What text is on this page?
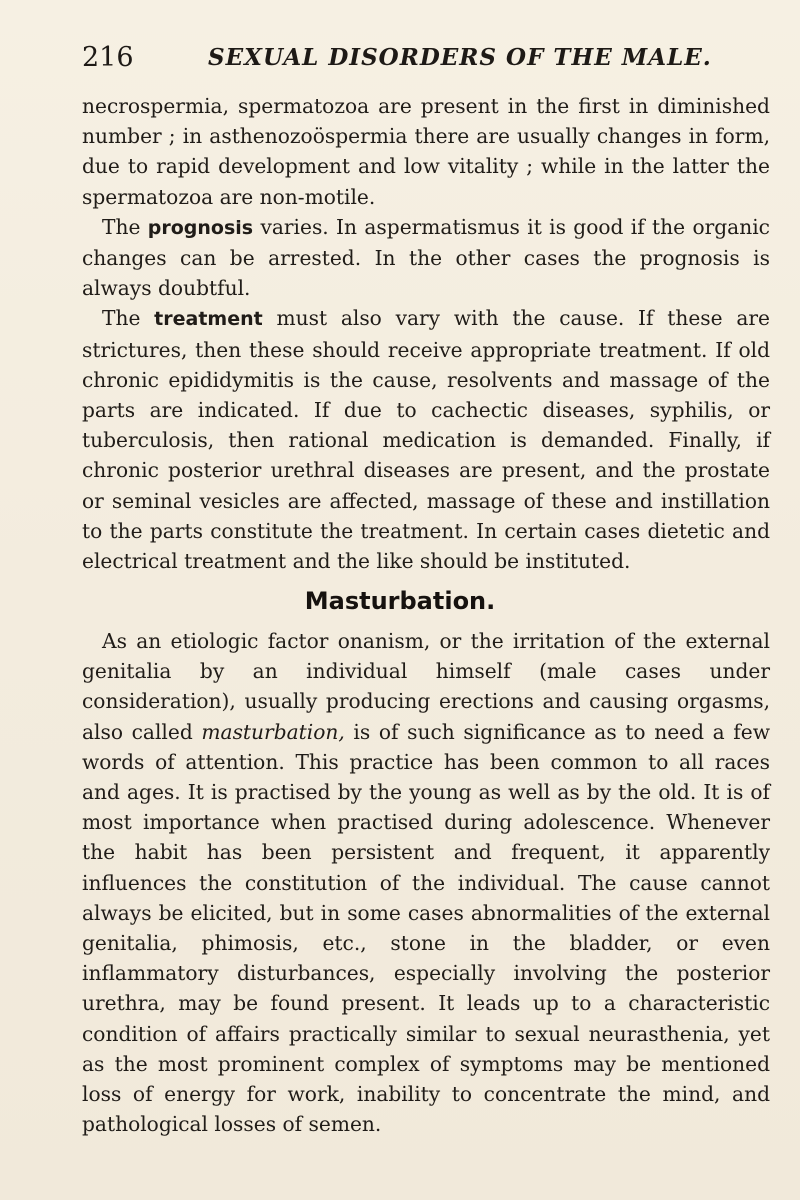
216	SEXUAL DISORDERS OF THE MALE.

necrospermia, spermatozoa are present in the first in diminished number ; in asthenozoöspermia there are usually changes in form, due to rapid development and low vitality ; while in the latter the spermatozoa are non-motile.

The prognosis varies. In aspermatismus it is good if the organic changes can be arrested. In the other cases the prognosis is always doubtful.

The treatment must also vary with the cause. If these are strictures, then these should receive appropriate treatment. If old chronic epididymitis is the cause, resolvents and massage of the parts are indicated. If due to cachectic diseases, syphilis, or tuberculosis, then rational medication is demanded. Finally, if chronic posterior urethral diseases are present, and the prostate or seminal vesicles are affected, massage of these and instillation to the parts constitute the treatment. In certain cases dietetic and electrical treatment and the like should be instituted.

Masturbation.

As an etiologic factor onanism, or the irritation of the external genitalia by an individual himself (male cases under consideration), usually producing erections and causing orgasms, also called masturbation, is of such significance as to need a few words of attention. This practice has been common to all races and ages. It is practised by the young as well as by the old. It is of most importance when practised during adolescence. Whenever the habit has been persistent and frequent, it apparently influences the constitution of the individual. The cause cannot always be elicited, but in some cases abnormalities of the external genitalia, phimosis, etc., stone in the bladder, or even inflammatory disturbances, especially involving the posterior urethra, may be found present. It leads up to a characteristic condition of affairs practically similar to sexual neurasthenia, yet as the most prominent complex of symptoms may be mentioned loss of energy for work, inability to concentrate the mind, and pathological losses of semen.
